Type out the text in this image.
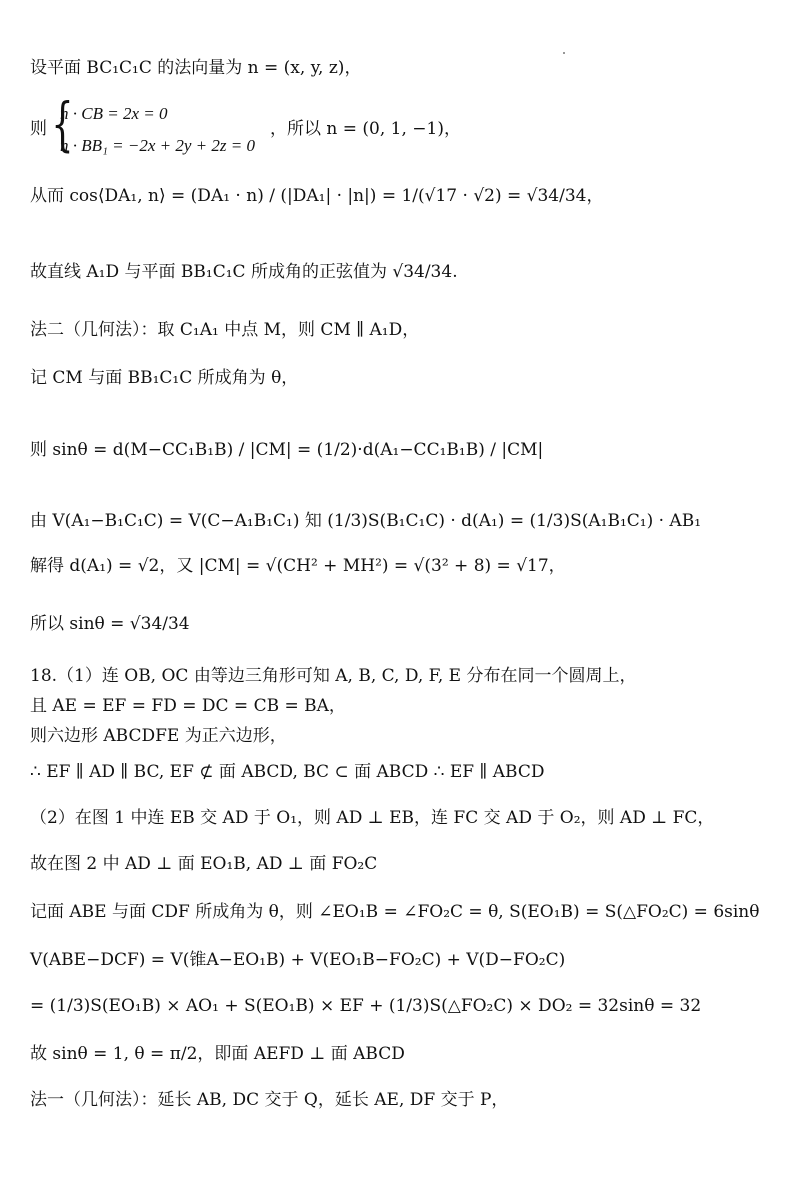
设平面 BC₁C₁C 的法向量为 n = (x, y, z)，
则 {
n · CB = 2x = 0
n · BB₁ = −2x + 2y + 2z = 0
，所以 n = (0, 1, −1)，
从而 cos⟨DA₁, n⟩ = (DA₁ · n) / (|DA₁| · |n|) = 1/(√17 · √2) = √34/34，
故直线 A₁D 与平面 BB₁C₁C 所成角的正弦值为 √34/34.
法二（几何法）：取 C₁A₁ 中点 M，则 CM ∥ A₁D，
记 CM 与面 BB₁C₁C 所成角为 θ，
则 sinθ = d(M−CC₁B₁B) / |CM| = (1/2)·d(A₁−CC₁B₁B) / |CM|
由 V(A₁−B₁C₁C) = V(C−A₁B₁C₁) 知 (1/3)S(B₁C₁C) · d(A₁) = (1/3)S(A₁B₁C₁) · AB₁
解得 d(A₁) = √2，又 |CM| = √(CH² + MH²) = √(3² + 8) = √17，
所以 sinθ = √34/34
18.（1）连 OB, OC 由等边三角形可知 A, B, C, D, F, E 分布在同一个圆周上，
且 AE = EF = FD = DC = CB = BA，
则六边形 ABCDFE 为正六边形，
∴ EF ∥ AD ∥ BC, EF ⊄ 面 ABCD, BC ⊂ 面 ABCD ∴ EF ∥ ABCD
（2）在图 1 中连 EB 交 AD 于 O₁，则 AD ⊥ EB，连 FC 交 AD 于 O₂，则 AD ⊥ FC，
故在图 2 中 AD ⊥ 面 EO₁B, AD ⊥ 面 FO₂C
记面 ABE 与面 CDF 所成角为 θ，则 ∠EO₁B = ∠FO₂C = θ, S(EO₁B) = S(△FO₂C) = 6sinθ
V(ABE−DCF) = V(锥A−EO₁B) + V(EO₁B−FO₂C) + V(D−FO₂C)
= (1/3)S(EO₁B) × AO₁ + S(EO₁B) × EF + (1/3)S(△FO₂C) × DO₂ = 32sinθ = 32
故 sinθ = 1, θ = π/2，即面 AEFD ⊥ 面 ABCD
法一（几何法）：延长 AB, DC 交于 Q，延长 AE, DF 交于 P，
